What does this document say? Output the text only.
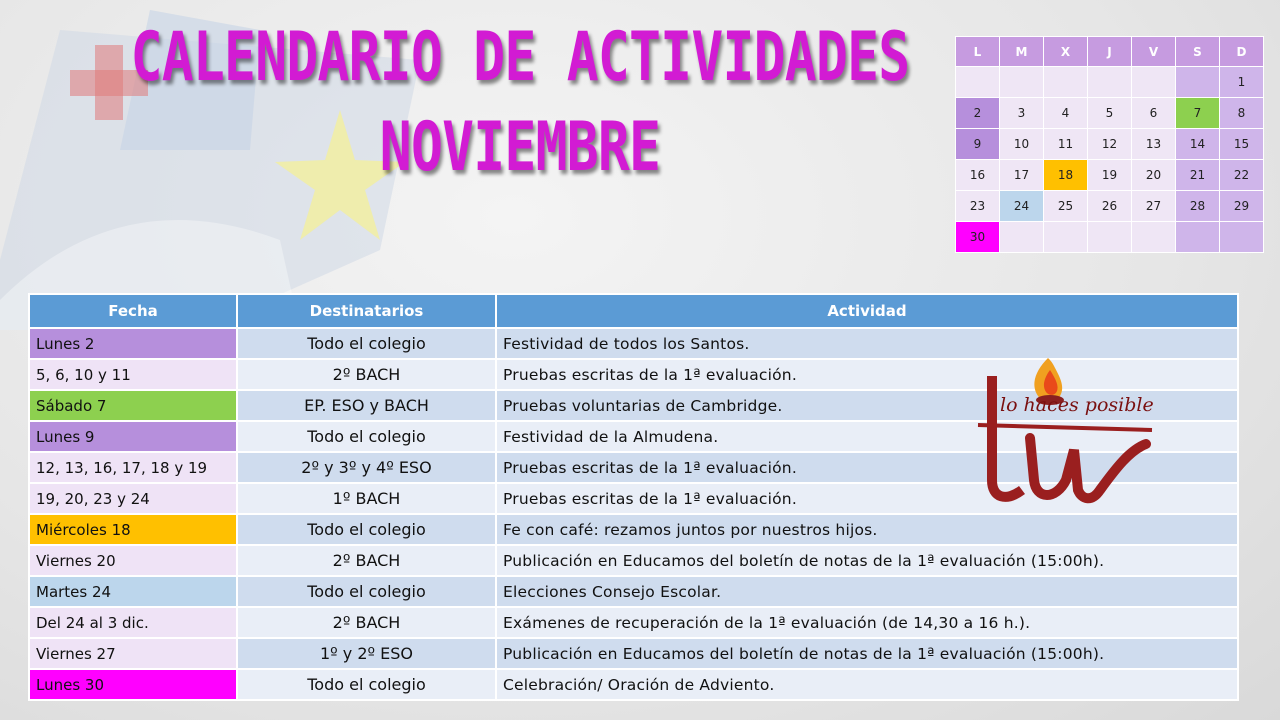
CALENDARIO DE ACTIVIDADES
NOVIEMBRE
L	M	X	J	V	S	D
						1
2	3	4	5	6	7	8
9	10	11	12	13	14	15
16	17	18	19	20	21	22
23	24	25	26	27	28	29
30						
Fecha	Destinatarios	Actividad
Lunes 2	Todo el colegio	Festividad de todos los Santos.
5, 6, 10 y 11	2º BACH	Pruebas escritas de la 1ª evaluación.
Sábado 7	EP. ESO y BACH	Pruebas voluntarias de Cambridge.
Lunes 9	Todo el colegio	Festividad de la Almudena.
12, 13, 16, 17, 18 y 19	2º y 3º y 4º ESO	Pruebas escritas de la 1ª evaluación.
19, 20, 23 y 24	1º BACH	Pruebas escritas de la 1ª evaluación.
Miércoles 18	Todo el colegio	Fe con café: rezamos juntos por nuestros hijos.
Viernes 20	2º BACH	Publicación en Educamos del boletín de notas de la 1ª evaluación (15:00h).
Martes 24	Todo el colegio	Elecciones Consejo Escolar.
Del 24 al 3 dic.	2º BACH	Exámenes de recuperación de la 1ª evaluación (de 14,30 a 16 h.).
Viernes 27	1º y 2º ESO	Publicación en Educamos del boletín de notas de la 1ª evaluación (15:00h).
Lunes 30	Todo el colegio	Celebración/ Oración de Adviento.
lo haces posible
